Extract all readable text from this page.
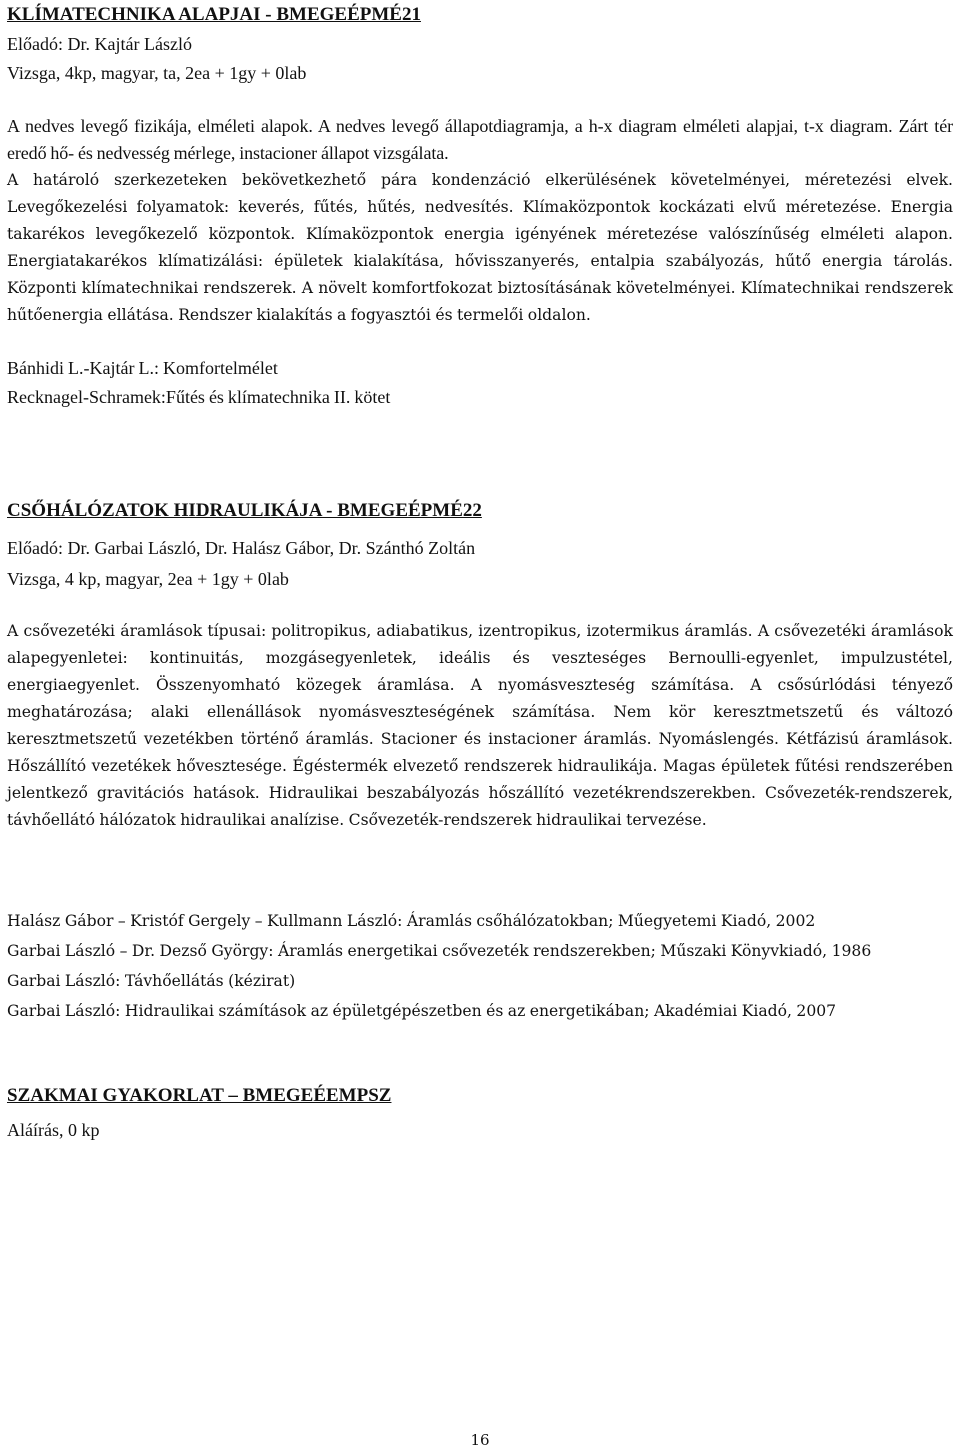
KLÍMATECHNIKA ALAPJAI - BMEGEÉPMÉ21

Előadó: Dr. Kajtár László

Vizsga, 4kp, magyar, ta, 2ea + 1gy + 0lab

A nedves levegő fizikája, elméleti alapok. A nedves levegő állapotdiagramja, a h-x diagram elméleti alapjai, t-x diagram. Zárt tér eredő hő- és nedvesség mérlege, instacioner állapot vizsgálata.

A határoló szerkezeteken bekövetkezhető pára kondenzáció elkerülésének követelményei, méretezési elvek. Levegőkezelési folyamatok: keverés, fűtés, hűtés, nedvesítés. Klímaközpontok kockázati elvű méretezése. Energia takarékos levegőkezelő központok. Klímaközpontok energia igényének méretezése valószínűség elméleti alapon. Energiatakarékos klímatizálási: épületek kialakítása, hővisszanyerés, entalpia szabályozás, hűtő energia tárolás. Központi klímatechnikai rendszerek. A növelt komfortfokozat biztosításának követelményei. Klímatechnikai rendszerek hűtőenergia ellátása. Rendszer kialakítás a fogyasztói és termelői oldalon.

Bánhidi L.-Kajtár L.: Komfortelmélet

Recknagel-Schramek:Fűtés és klímatechnika II. kötet

CSŐHÁLÓZATOK HIDRAULIKÁJA - BMEGEÉPMÉ22

Előadó: Dr. Garbai László, Dr. Halász Gábor, Dr. Szánthó Zoltán

Vizsga, 4 kp, magyar, 2ea + 1gy + 0lab

A csővezetéki áramlások típusai: politropikus, adiabatikus, izentropikus, izotermikus áramlás. A csővezetéki áramlások alapegyenletei: kontinuitás, mozgásegyenletek, ideális és veszteséges Bernoulli-egyenlet, impulzustétel, energiaegyenlet. Összenyomható közegek áramlása. A nyomásveszteség számítása. A csősúrlódási tényező meghatározása; alaki ellenállások nyomásveszteségének számítása. Nem kör keresztmetszetű és változó keresztmetszetű vezetékben történő áramlás. Stacioner és instacioner áramlás. Nyomáslengés. Kétfázisú áramlások. Hőszállító vezetékek hővesztesége. Égéstermék elvezető rendszerek hidraulikája. Magas épületek fűtési rendszerében jelentkező gravitációs hatások. Hidraulikai beszabályozás hőszállító vezetékrendszerekben. Csővezeték-rendszerek, távhőellátó hálózatok hidraulikai analízise. Csővezeték-rendszerek hidraulikai tervezése.

Halász Gábor – Kristóf Gergely – Kullmann László: Áramlás csőhálózatokban; Műegyetemi Kiadó, 2002

Garbai László – Dr. Dezső György: Áramlás energetikai csővezeték rendszerekben; Műszaki Könyvkiadó, 1986

Garbai László: Távhőellátás (kézirat)

Garbai László: Hidraulikai számítások az épületgépészetben és az energetikában; Akadémiai Kiadó, 2007

SZAKMAI GYAKORLAT – BMEGEÉEMPSZ

Aláírás, 0 kp

16
